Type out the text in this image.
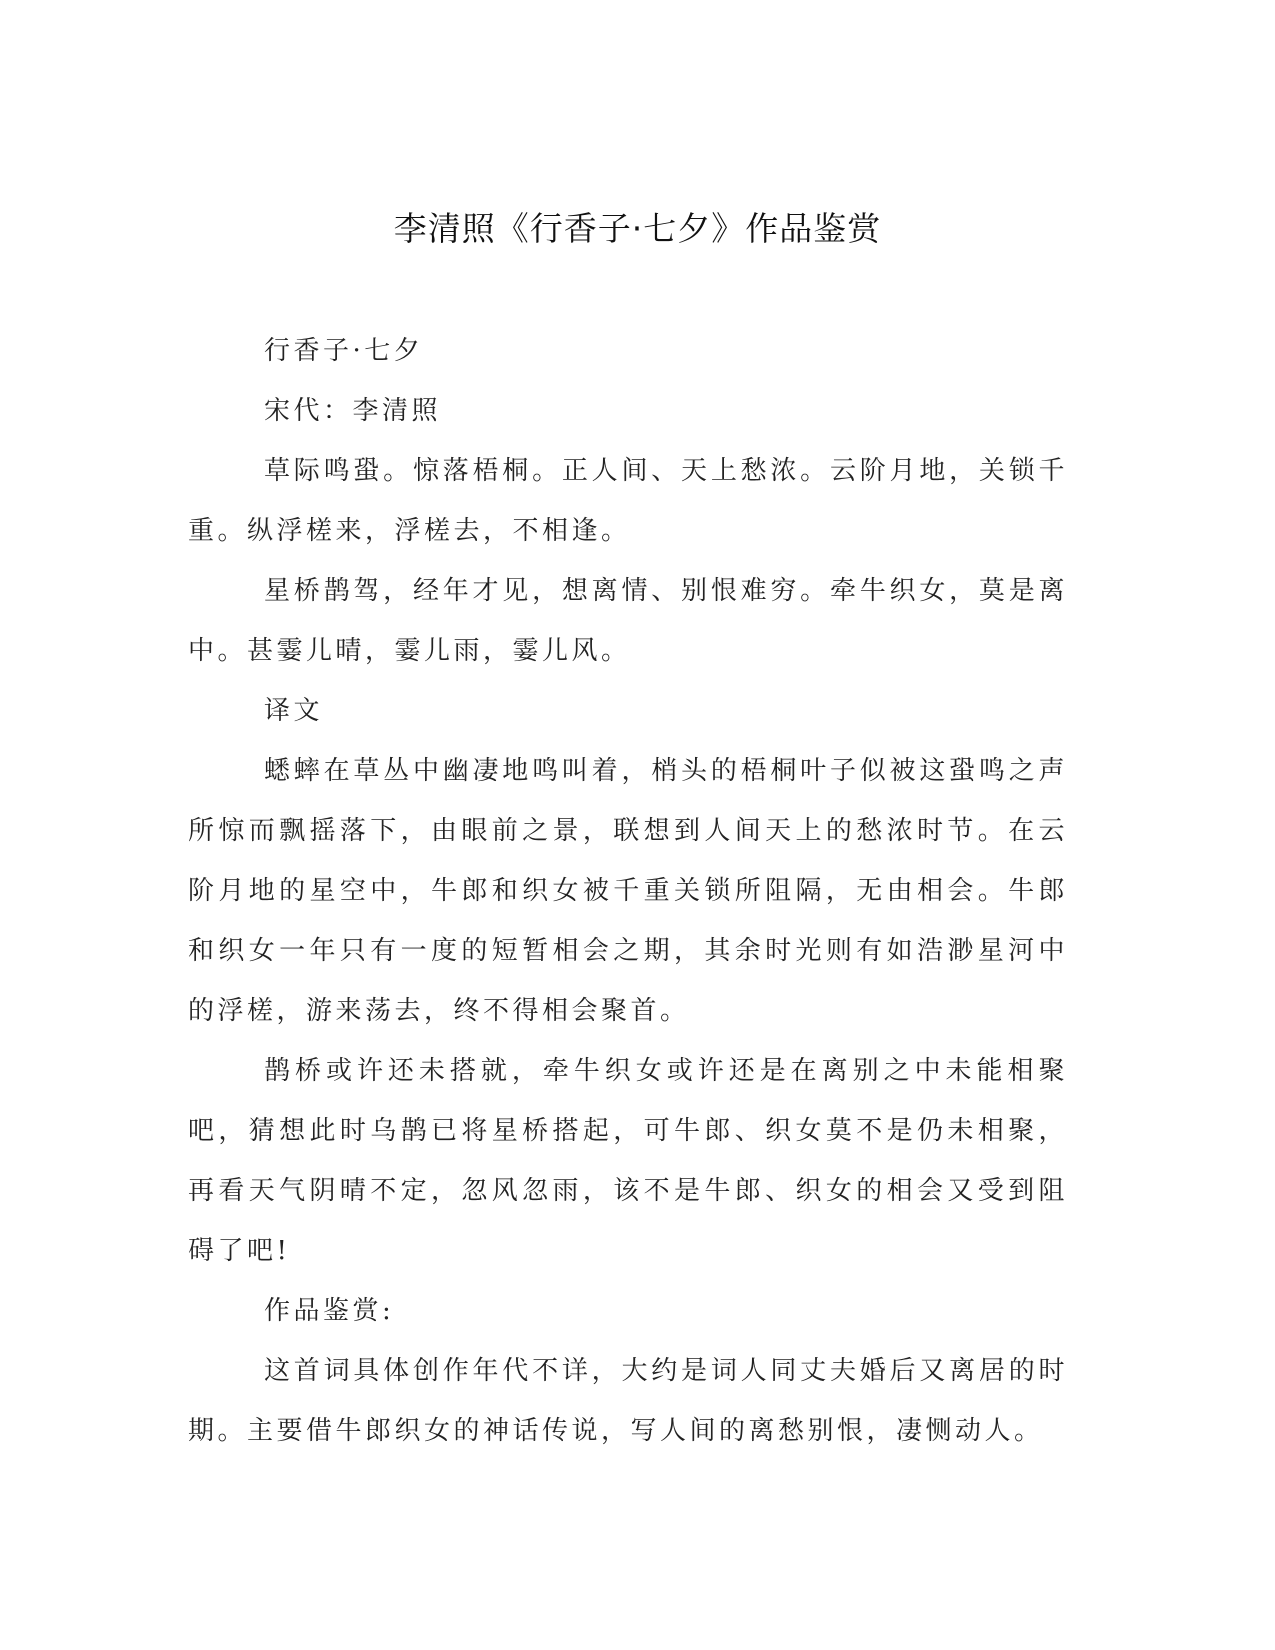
李清照《行香子·七夕》作品鉴赏

行香子·七夕

宋代：李清照

草际鸣蛩。惊落梧桐。正人间、天上愁浓。云阶月地，关锁千重。纵浮槎来，浮槎去，不相逢。

星桥鹊驾，经年才见，想离情、别恨难穷。牵牛织女，莫是离中。甚霎儿晴，霎儿雨，霎儿风。

译文

蟋蟀在草丛中幽凄地鸣叫着，梢头的梧桐叶子似被这蛩鸣之声所惊而飘摇落下，由眼前之景，联想到人间天上的愁浓时节。在云阶月地的星空中，牛郎和织女被千重关锁所阻隔，无由相会。牛郎和织女一年只有一度的短暂相会之期，其余时光则有如浩渺星河中的浮槎，游来荡去，终不得相会聚首。

鹊桥或许还未搭就，牵牛织女或许还是在离别之中未能相聚吧，猜想此时乌鹊已将星桥搭起，可牛郎、织女莫不是仍未相聚，再看天气阴晴不定，忽风忽雨，该不是牛郎、织女的相会又受到阻碍了吧!

作品鉴赏:

这首词具体创作年代不详，大约是词人同丈夫婚后又离居的时期。主要借牛郎织女的神话传说，写人间的离愁别恨，凄恻动人。
